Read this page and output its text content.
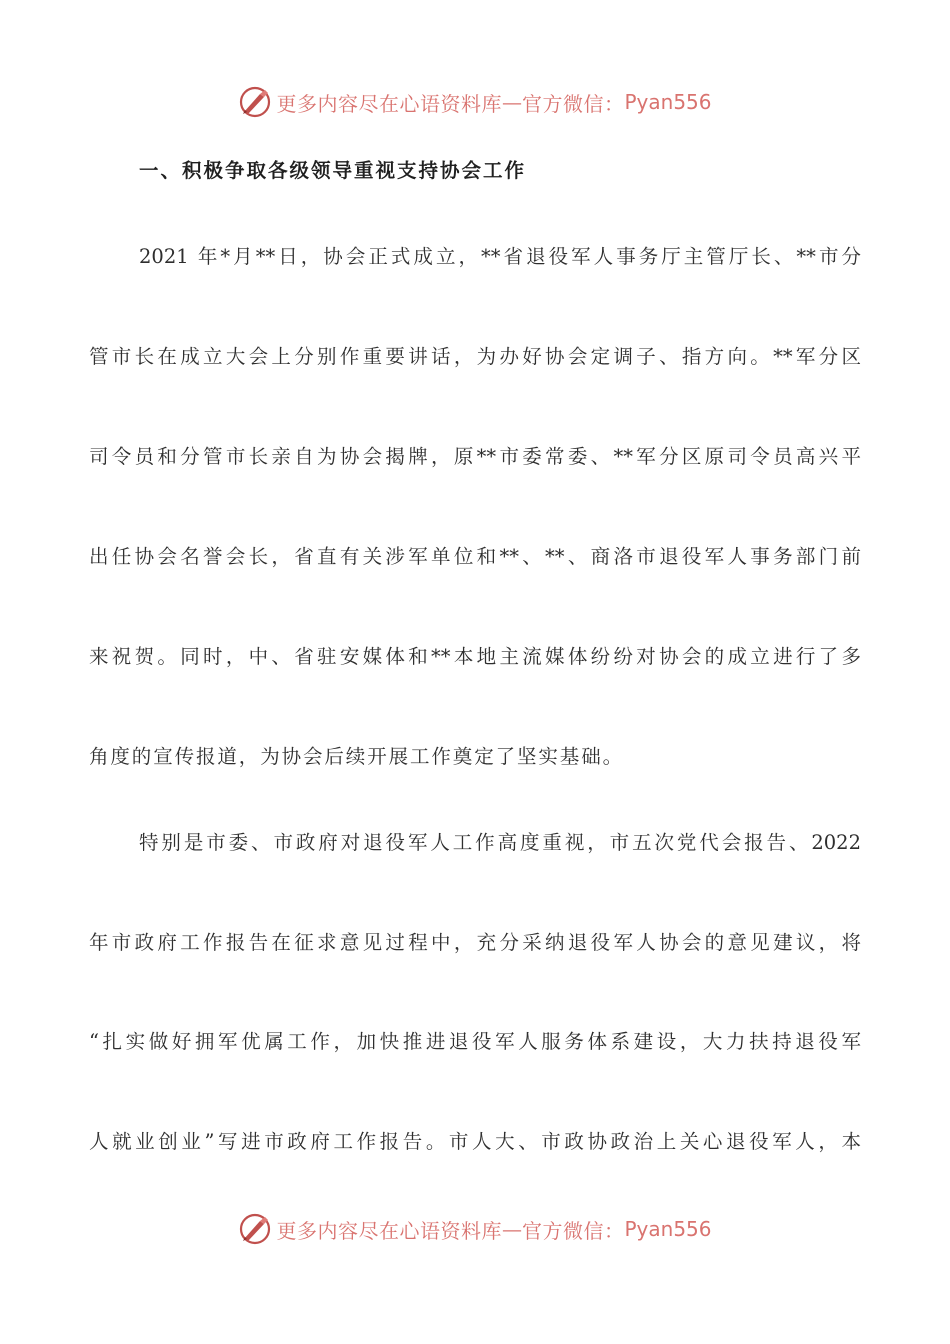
更多内容尽在心语资料库 — 官方微信： Pyan556
一、积极争取各级领导重视支持协会工作
2021 年*月**日，协会正式成立，**省退役军人事务厅主管厅长、**市分
管市长在成立大会上分别作重要讲话，为办好协会定调子、指方向。**军分区
司令员和分管市长亲自为协会揭牌，原**市委常委、**军分区原司令员高兴平
出任协会名誉会长，省直有关涉军单位和**、**、商洛市退役军人事务部门前
来祝贺。同时，中、省驻安媒体和**本地主流媒体纷纷对协会的成立进行了多
角度的宣传报道，为协会后续开展工作奠定了坚实基础。
特别是市委、市政府对退役军人工作高度重视，市五次党代会报告、2022
年市政府工作报告在征求意见过程中，充分采纳退役军人协会的意见建议，将
“扎实做好拥军优属工作，加快推进退役军人服务体系建设，大力扶持退役军
人就业创业”写进市政府工作报告。市人大、市政协政治上关心退役军人，本
更多内容尽在心语资料库 — 官方微信： Pyan556
